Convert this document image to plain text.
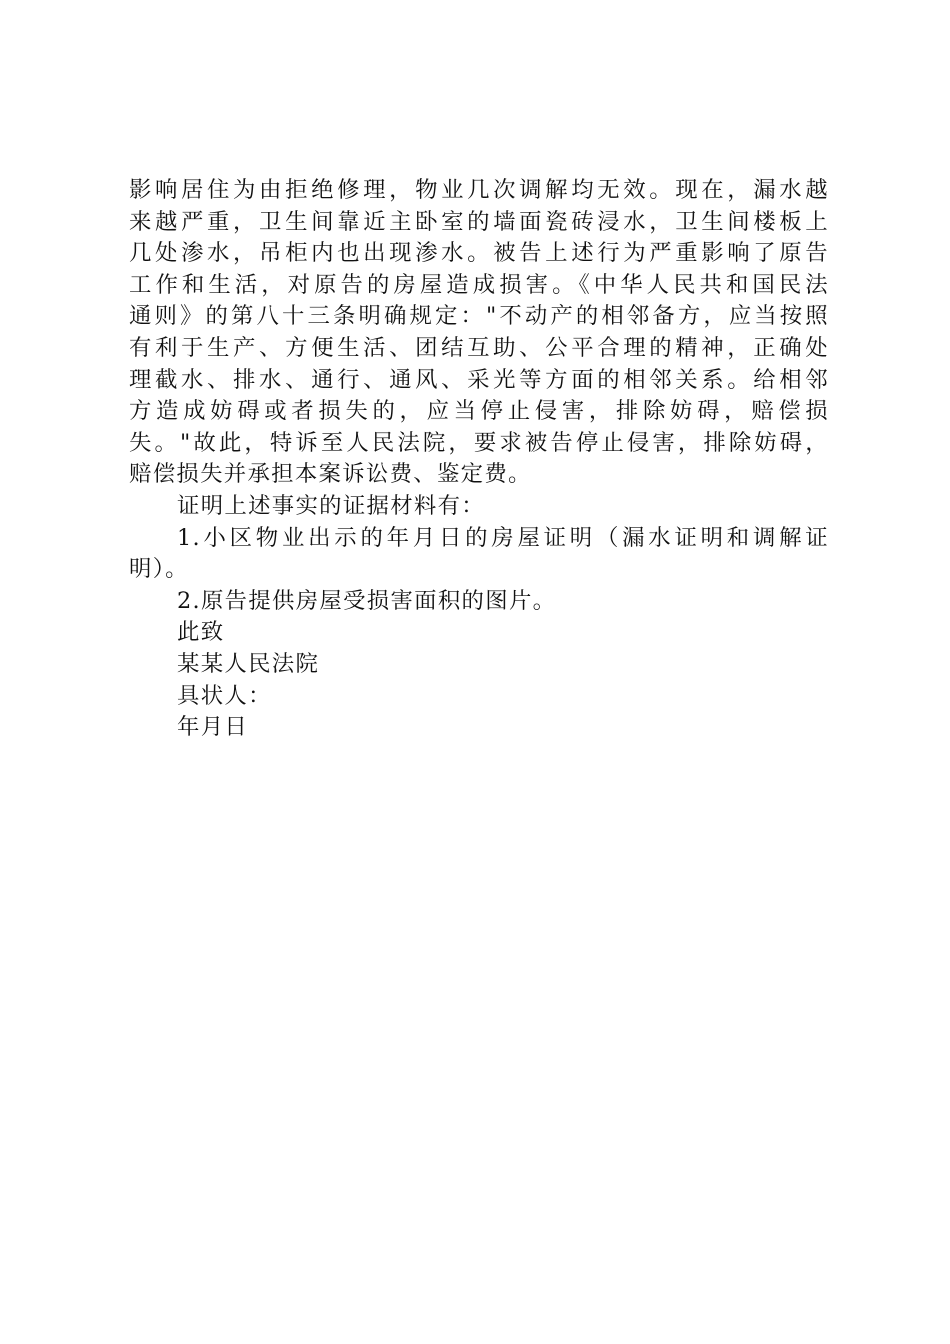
影响居住为由拒绝修理，物业几次调解均无效。现在，漏水越
来越严重，卫生间靠近主卧室的墙面瓷砖浸水，卫生间楼板上
几处渗水，吊柜内也出现渗水。被告上述行为严重影响了原告
工作和生活，对原告的房屋造成损害。《中华人民共和国民法
通则》的第八十三条明确规定："不动产的相邻备方，应当按照
有利于生产、方便生活、团结互助、公平合理的精神，正确处
理截水、排水、通行、通风、采光等方面的相邻关系。给相邻
方造成妨碍或者损失的，应当停止侵害，排除妨碍，赔偿损
失。"故此，特诉至人民法院，要求被告停止侵害，排除妨碍，
赔偿损失并承担本案诉讼费、鉴定费。

证明上述事实的证据材料有：

1.小区物业出示的年月日的房屋证明（漏水证明和调解证
明）。

2.原告提供房屋受损害面积的图片。

此致

某某人民法院

具状人：

年月日
